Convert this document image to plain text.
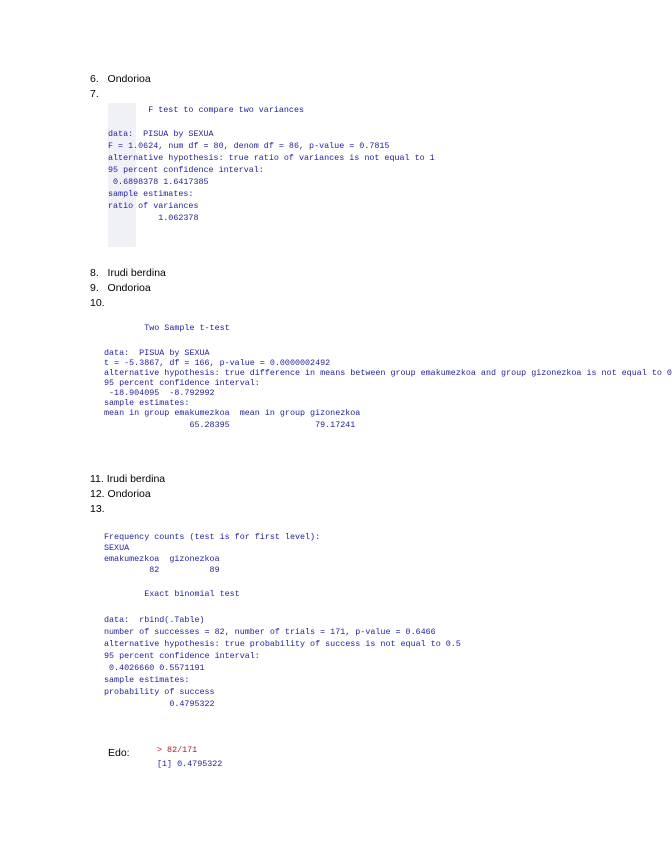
6. Ondorioa
7.

F test to compare two variances

data:  PISUA by SEXUA

F = 1.0624, num df = 80, denom df = 86, p-value = 0.7815

alternative hypothesis: true ratio of variances is not equal to 1

95 percent confidence interval:

0.6898378 1.6417385

sample estimates:

ratio of variances

1.062378

8. Irudi berdina
9. Ondorioa
10.

Two Sample t-test

data:  PISUA by SEXUA

t = -5.3867, df = 166, p-value = 0.0000002492

alternative hypothesis: true difference in means between group emakumezkoa and group gizonezkoa is not equal to 0

95 percent confidence interval:

-18.904095  -8.792992

sample estimates:

mean in group emakumezkoa  mean in group gizonezkoa

65.28395                 79.17241

11. Irudi berdina
12. Ondorioa
13.

Frequency counts (test is for first level):

SEXUA

emakumezkoa  gizonezkoa

82          89

Exact binomial test

data:  rbind(.Table)

number of successes = 82, number of trials = 171, p-value = 0.6466

alternative hypothesis: true probability of success is not equal to 0.5

95 percent confidence interval:

0.4026660 0.5571191

sample estimates:

probability of success

0.4795322

Edo:

	> 82/171

[1] 0.4795322
